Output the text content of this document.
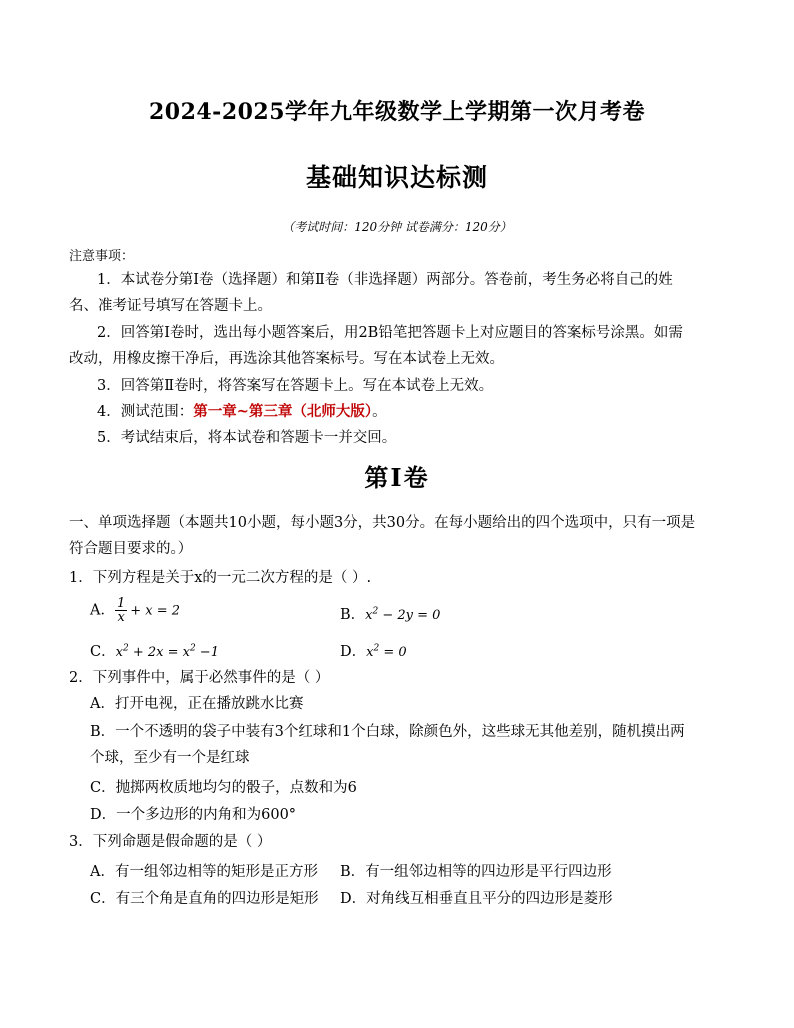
2024-2025学年九年级数学上学期第一次月考卷
基础知识达标测
（考试时间：120分钟 试卷满分：120分）
注意事项：
1．本试卷分第Ⅰ卷（选择题）和第Ⅱ卷（非选择题）两部分。答卷前，考生务必将自己的姓名、准考证号填写在答题卡上。
2．回答第Ⅰ卷时，选出每小题答案后，用2B铅笔把答题卡上对应题目的答案标号涂黑。如需改动，用橡皮擦干净后，再选涂其他答案标号。写在本试卷上无效。
3．回答第Ⅱ卷时，将答案写在答题卡上。写在本试卷上无效。
4．测试范围：第一章~第三章（北师大版）。
5．考试结束后，将本试卷和答题卡一并交回。
第Ⅰ卷
一、单项选择题（本题共10小题，每小题3分，共30分。在每小题给出的四个选项中，只有一项是符合题目要求的。）
1．下列方程是关于x的一元二次方程的是（ ）.
A． $\frac{1}{x} + x = 2$	B．$x^2 - 2y = 0$
C．$x^2 + 2x = x^2 -1$	D．$x^2 = 0$
2．下列事件中，属于必然事件的是（ ）
A．打开电视，正在播放跳水比赛
B．一个不透明的袋子中装有3个红球和1个白球，除颜色外，这些球无其他差别，随机摸出两个球，至少有一个是红球
C．抛掷两枚质地均匀的骰子，点数和为6
D．一个多边形的内角和为600°
3．下列命题是假命题的是（ ）
A．有一组邻边相等的矩形是正方形 B．有一组邻边相等的四边形是平行四边形
C．有三个角是直角的四边形是矩形 D．对角线互相垂直且平分的四边形是菱形
